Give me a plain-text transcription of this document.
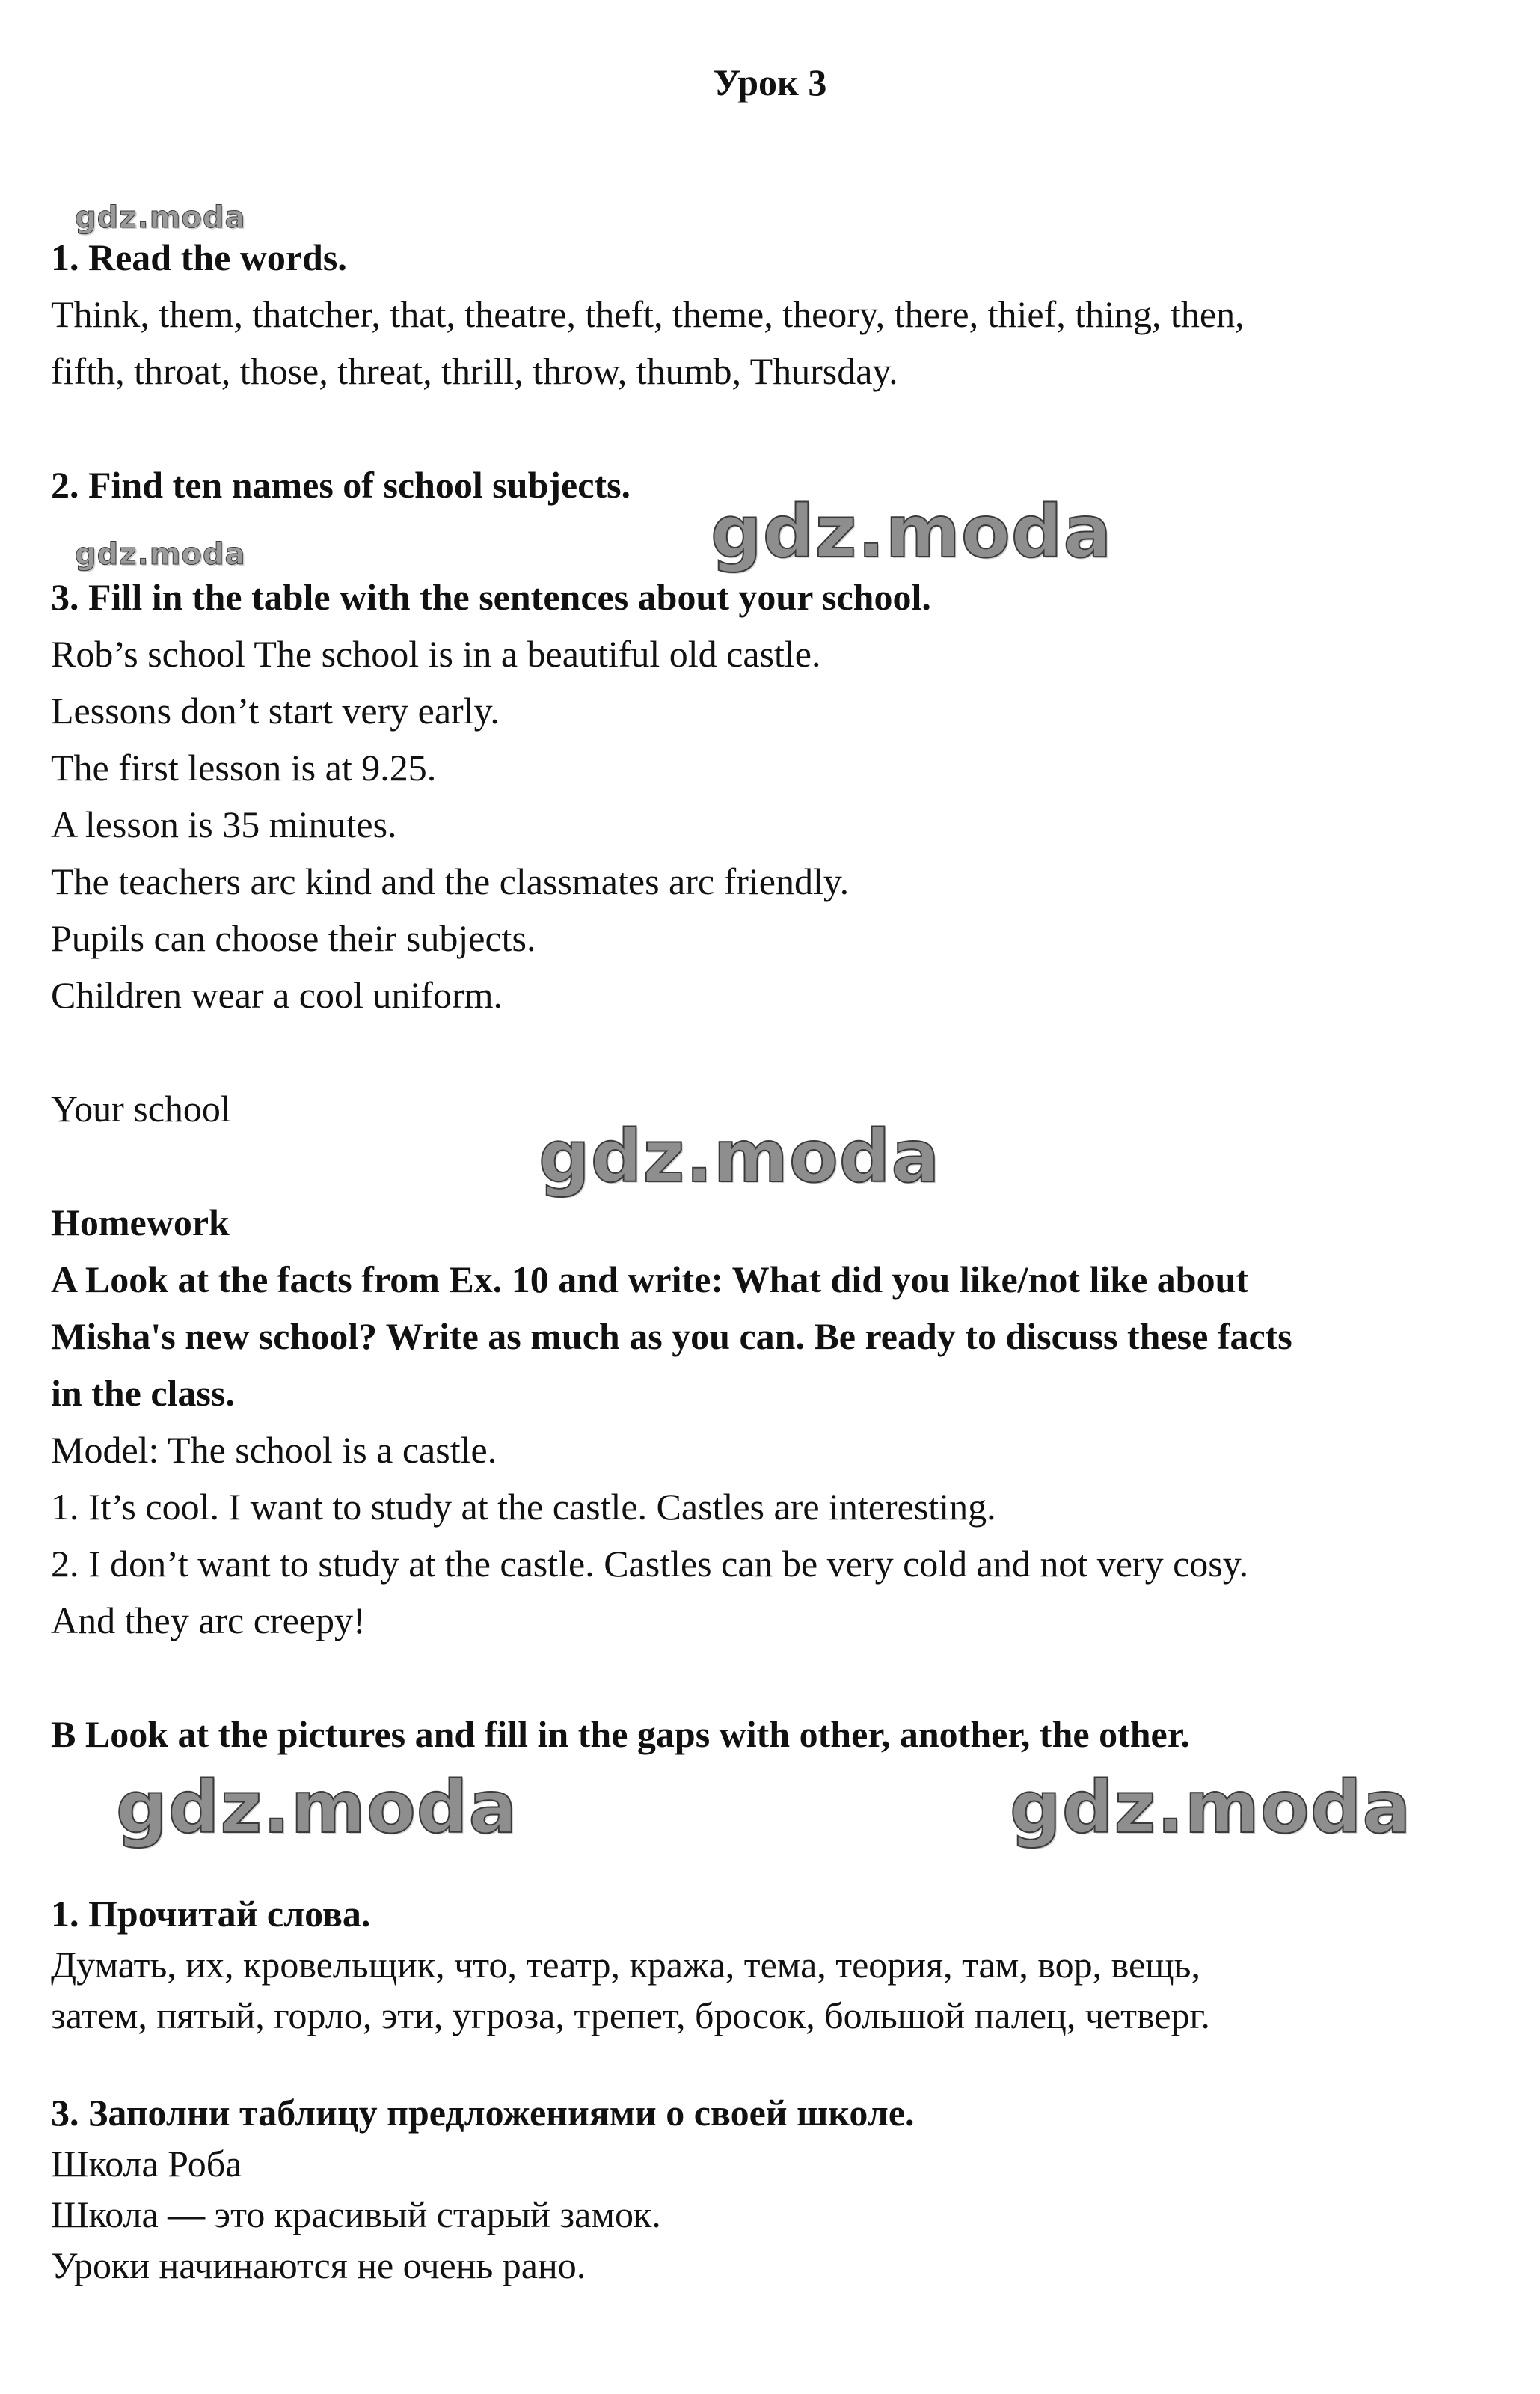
Урок 3
gdz.moda
gdz.moda
gdz.moda
gdz.moda
gdz.moda	gdz.moda
1. Read the words.
Think, them, thatcher, that, theatre, theft, theme, theory, there, thief, thing, then,
fifth, throat, those, threat, thrill, throw, thumb, Thursday.
2. Find ten names of school subjects.
3. Fill in the table with the sentences about your school.
Rob’s school The school is in a beautiful old castle.
Lessons don’t start very early.
The first lesson is at 9.25.
A lesson is 35 minutes.
The teachers arc kind and the classmates arc friendly.
Pupils can choose their subjects.
Children wear a cool uniform.
Your school
Homework
A Look at the facts from Ex. 10 and write: What did you like/not like about
Misha's new school? Write as much as you can. Be ready to discuss these facts
in the class.
Model: The school is a castle.
1. It’s cool. I want to study at the castle. Castles are interesting.
2. I don’t want to study at the castle. Castles can be very cold and not very cosy.
And they arc creepy!
B Look at the pictures and fill in the gaps with other, another, the other.
1. Прочитай слова.
Думать, их, кровельщик, что, театр, кража, тема, теория, там, вор, вещь,
затем, пятый, горло, эти, угроза, трепет, бросок, большой палец, четверг.
3. Заполни таблицу предложениями о своей школе.
Школа Роба
Школа — это красивый старый замок.
Уроки начинаются не очень рано.
